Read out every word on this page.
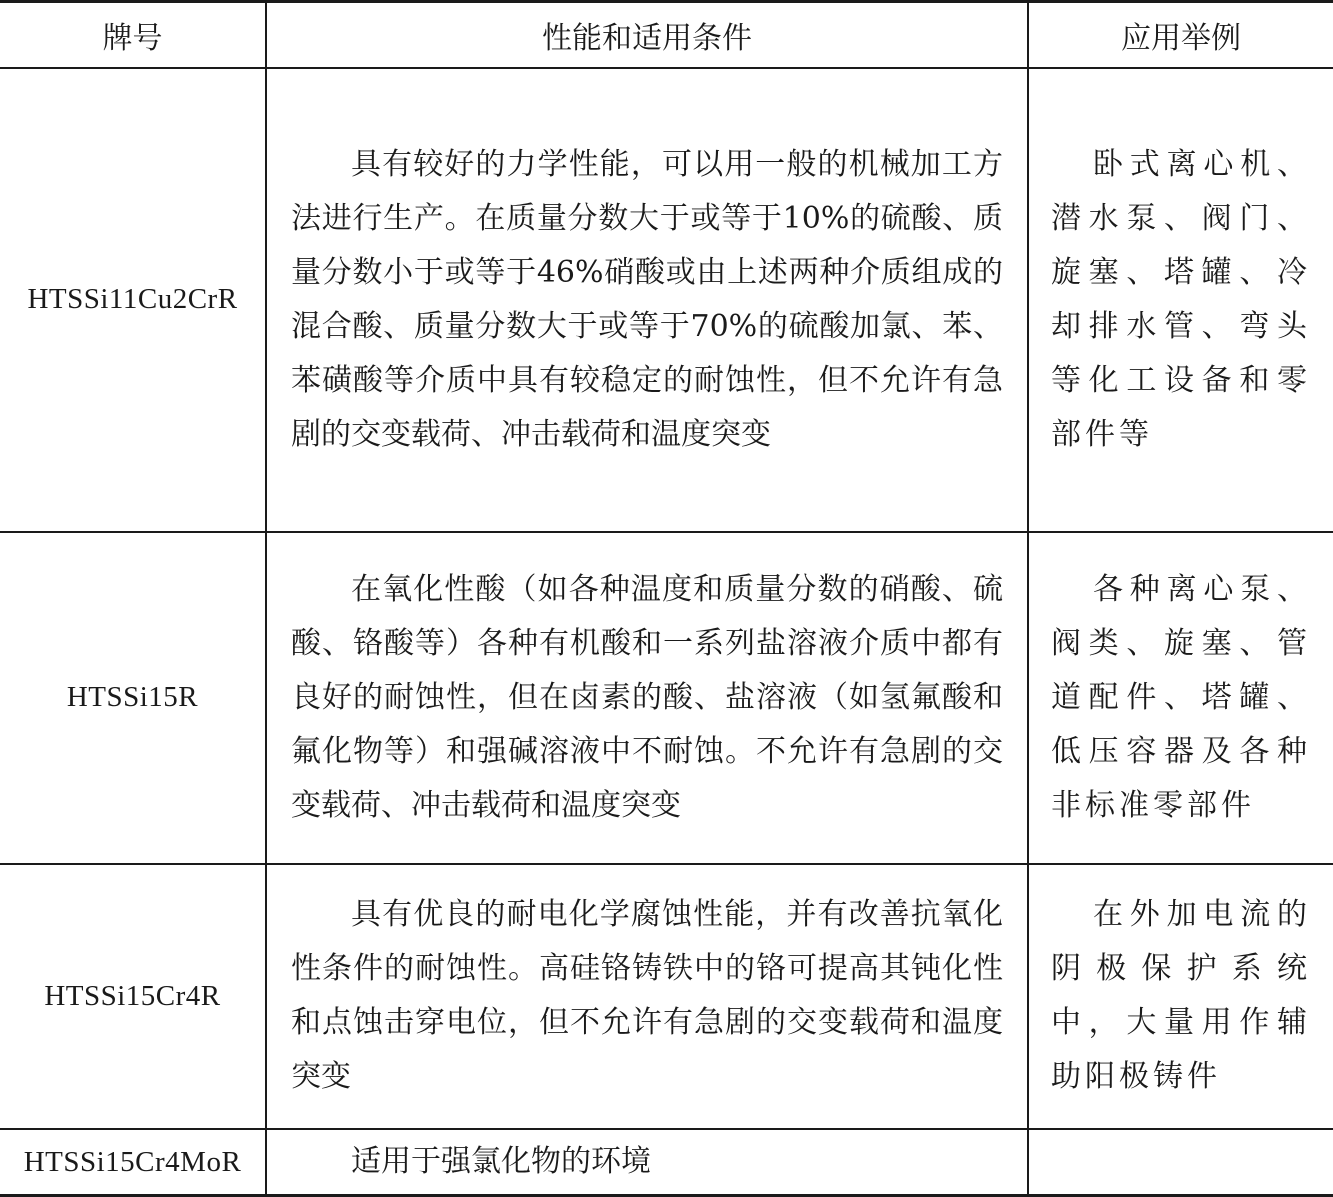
牌号	性能和适用条件	应用举例
HTSSi11Cu2CrR	具有较好的力学性能，可以用一般的机械加工方法进行生产。在质量分数大于或等于10%的硫酸、质量分数小于或等于46%硝酸或由上述两种介质组成的混合酸、质量分数大于或等于70%的硫酸加氯、苯、苯磺酸等介质中具有较稳定的耐蚀性，但不允许有急剧的交变载荷、冲击载荷和温度突变	卧式离心机、潜水泵、阀门、旋塞、塔罐、冷却排水管、弯头等化工设备和零部件等
HTSSi15R	在氧化性酸（如各种温度和质量分数的硝酸、硫酸、铬酸等）各种有机酸和一系列盐溶液介质中都有良好的耐蚀性，但在卤素的酸、盐溶液（如氢氟酸和氟化物等）和强碱溶液中不耐蚀。不允许有急剧的交变载荷、冲击载荷和温度突变	各种离心泵、阀类、旋塞、管道配件、塔罐、低压容器及各种非标准零部件
HTSSi15Cr4R	具有优良的耐电化学腐蚀性能，并有改善抗氧化性条件的耐蚀性。高硅铬铸铁中的铬可提高其钝化性和点蚀击穿电位，但不允许有急剧的交变载荷和温度突变	在外加电流的阴极保护系统中，大量用作辅助阳极铸件
HTSSi15Cr4MoR	适用于强氯化物的环境	
